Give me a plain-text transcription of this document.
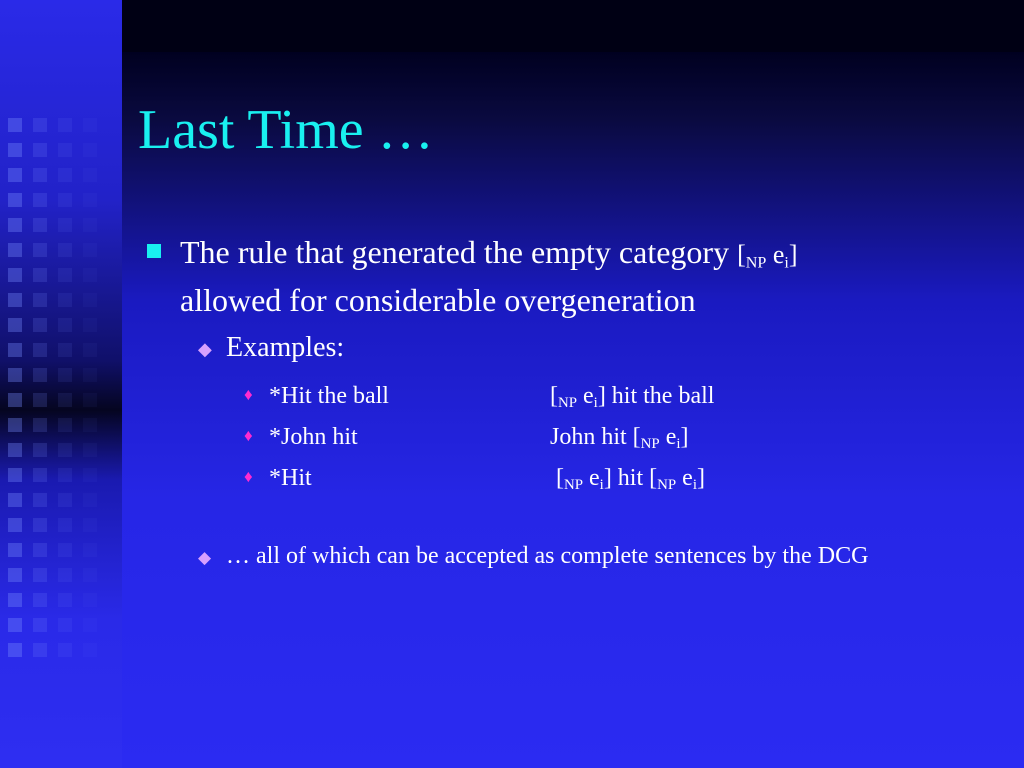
Last Time …
The rule that generated the empty category [$_{NP}$ $e_i$]
allowed for considerable overgeneration
◆ Examples:
♦ *Hit the ball	[$_{NP}$ $e_i$] hit the ball
♦ *John hit	John hit [$_{NP}$ $e_i$]
♦ *Hit	[$_{NP}$ $e_i$] hit [$_{NP}$ $e_i$]
◆ … all of which can be accepted as complete sentences by the DCG
